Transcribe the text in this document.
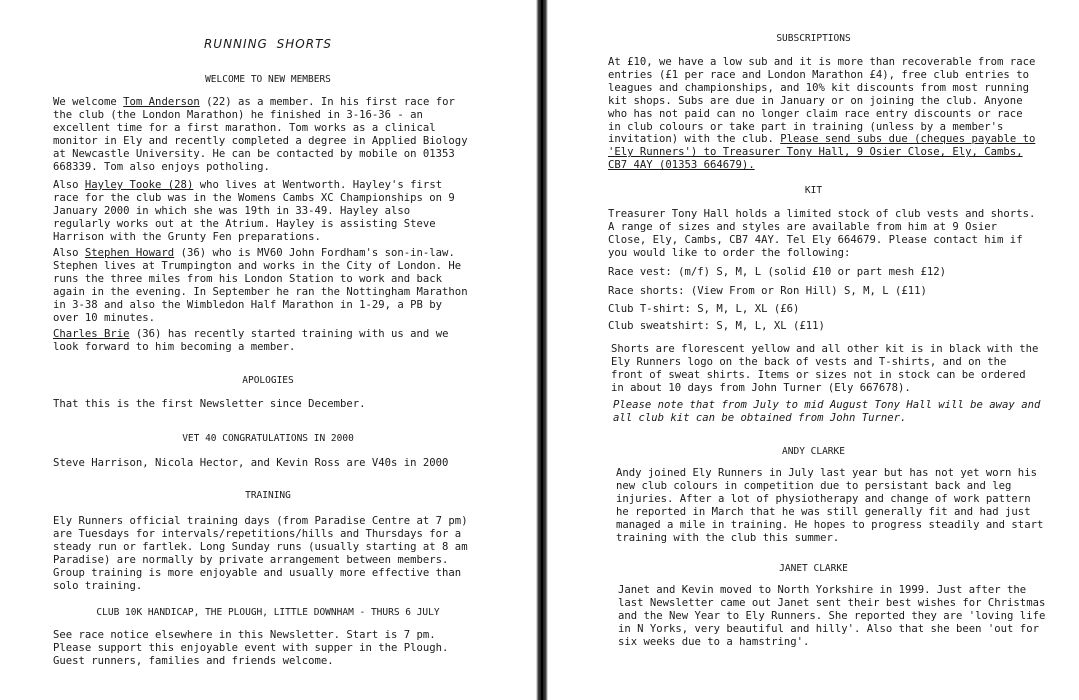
RUNNING SHORTS
WELCOME TO NEW MEMBERS

We welcome Tom Anderson (22) as a member. In his first race for the club (the London Marathon) he finished in 3-16-36 - an excellent time for a first marathon. Tom works as a clinical monitor in Ely and recently completed a degree in Applied Biology at Newcastle University. He can be contacted by mobile on 01353 668339. Tom also enjoys potholing.

Also Hayley Tooke (28) who lives at Wentworth. Hayley's first race for the club was in the Womens Cambs XC Championships on 9 January 2000 in which she was 19th in 33-49. Hayley also regularly works out at the Atrium. Hayley is assisting Steve Harrison with the Grunty Fen preparations.

Also Stephen Howard (36) who is MV60 John Fordham's son-in-law. Stephen lives at Trumpington and works in the City of London. He runs the three miles from his London Station to work and back again in the evening. In September he ran the Nottingham Marathon in 3-38 and also the Wimbledon Half Marathon in 1-29, a PB by over 10 minutes.

Charles Brie (36) has recently started training with us and we look forward to him becoming a member.

APOLOGIES

That this is the first Newsletter since December.

VET 40 CONGRATULATIONS IN 2000

Steve Harrison, Nicola Hector, and Kevin Ross are V40s in 2000

TRAINING

Ely Runners official training days (from Paradise Centre at 7 pm) are Tuesdays for intervals/repetitions/hills and Thursdays for a steady run or fartlek. Long Sunday runs (usually starting at 8 am Paradise) are normally by private arrangement between members. Group training is more enjoyable and usually more effective than solo training.

CLUB 10K HANDICAP, THE PLOUGH, LITTLE DOWNHAM - THURS 6 JULY

See race notice elsewhere in this Newsletter. Start is 7 pm. Please support this enjoyable event with supper in the Plough. Guest runners, families and friends welcome.

SUBSCRIPTIONS

At £10, we have a low sub and it is more than recoverable from race entries (£1 per race and London Marathon £4), free club entries to leagues and championships, and 10% kit discounts from most running kit shops. Subs are due in January or on joining the club. Anyone who has not paid can no longer claim race entry discounts or race in club colours or take part in training (unless by a member's invitation) with the club. Please send subs due (cheques payable to 'Ely Runners') to Treasurer Tony Hall, 9 Osier Close, Ely, Cambs, CB7 4AY (01353 664679).

KIT

Treasurer Tony Hall holds a limited stock of club vests and shorts. A range of sizes and styles are available from him at 9 Osier Close, Ely, Cambs, CB7 4AY. Tel Ely 664679. Please contact him if you would like to order the following:

Race vest: (m/f) S, M, L (solid £10 or part mesh £12)
Race shorts: (View From or Ron Hill) S, M, L (£11)
Club T-shirt: S, M, L, XL (£6)
Club sweatshirt: S, M, L, XL (£11)

Shorts are florescent yellow and all other kit is in black with the Ely Runners logo on the back of vests and T-shirts, and on the front of sweat shirts. Items or sizes not in stock can be ordered in about 10 days from John Turner (Ely 667678).

Please note that from July to mid August Tony Hall will be away and all club kit can be obtained from John Turner.

ANDY CLARKE

Andy joined Ely Runners in July last year but has not yet worn his new club colours in competition due to persistant back and leg injuries. After a lot of physiotherapy and change of work pattern he reported in March that he was still generally fit and had just managed a mile in training. He hopes to progress steadily and start training with the club this summer.

JANET CLARKE

Janet and Kevin moved to North Yorkshire in 1999. Just after the last Newsletter came out Janet sent their best wishes for Christmas and the New Year to Ely Runners. She reported they are 'loving life in N Yorks, very beautiful and hilly'. Also that she been 'out for six weeks due to a hamstring'.
